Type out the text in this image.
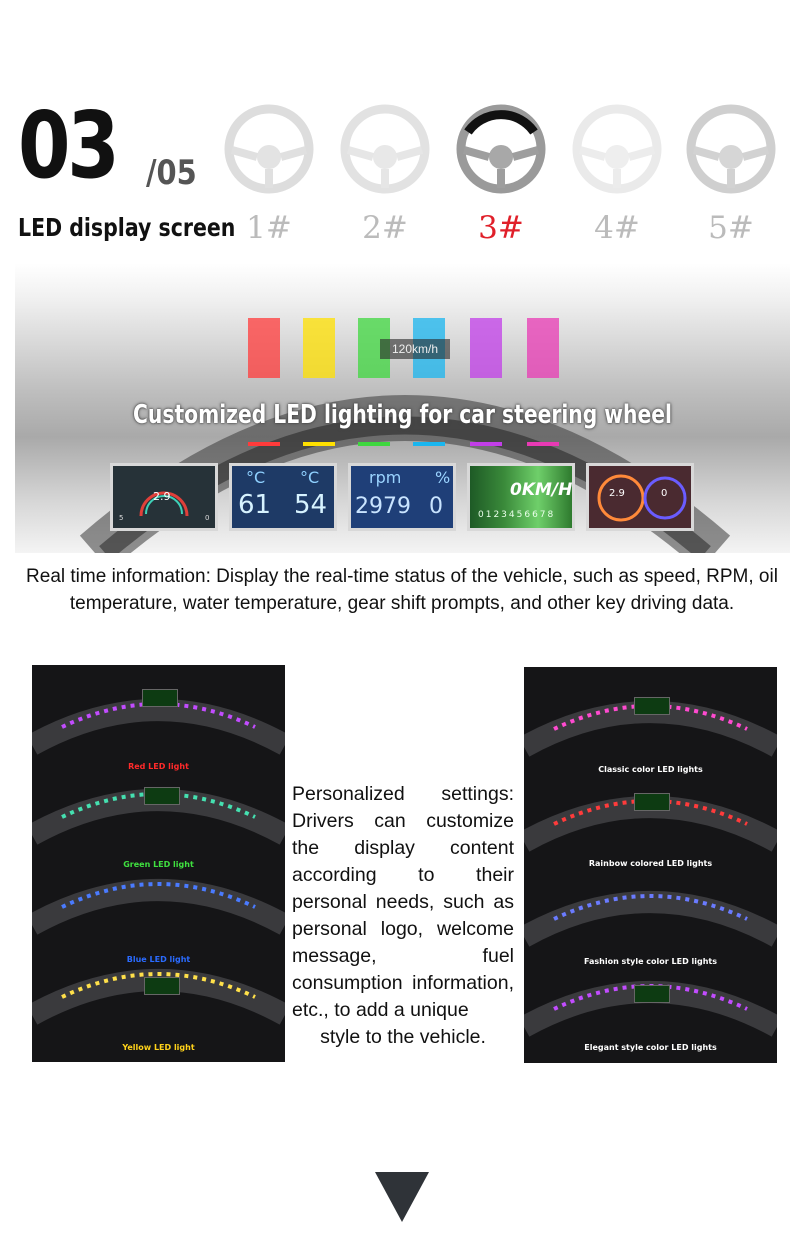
03 /05
LED display screen 1#	2#	3#	4#	5#
120km/h
Customized LED lighting for car steering wheel
2.9
5	0
°C °C
61 54
rpm %
2979 0
0KM/H
0123456678
2.9	0
Real time information: Display the real-time status of the vehicle, such as speed, RPM, oil temperature, water temperature, gear shift prompts, and other key driving data.
Red LED light
Green LED light
Blue LED light
Yellow LED light
Personalized settings: Drivers can customize the display content according to their personal needs, such as personal logo, welcome message, fuel consumption information, etc., to add a unique
style to the vehicle.
Classic color LED lights
Rainbow colored LED lights
Fashion style color LED lights
Elegant style color LED lights
